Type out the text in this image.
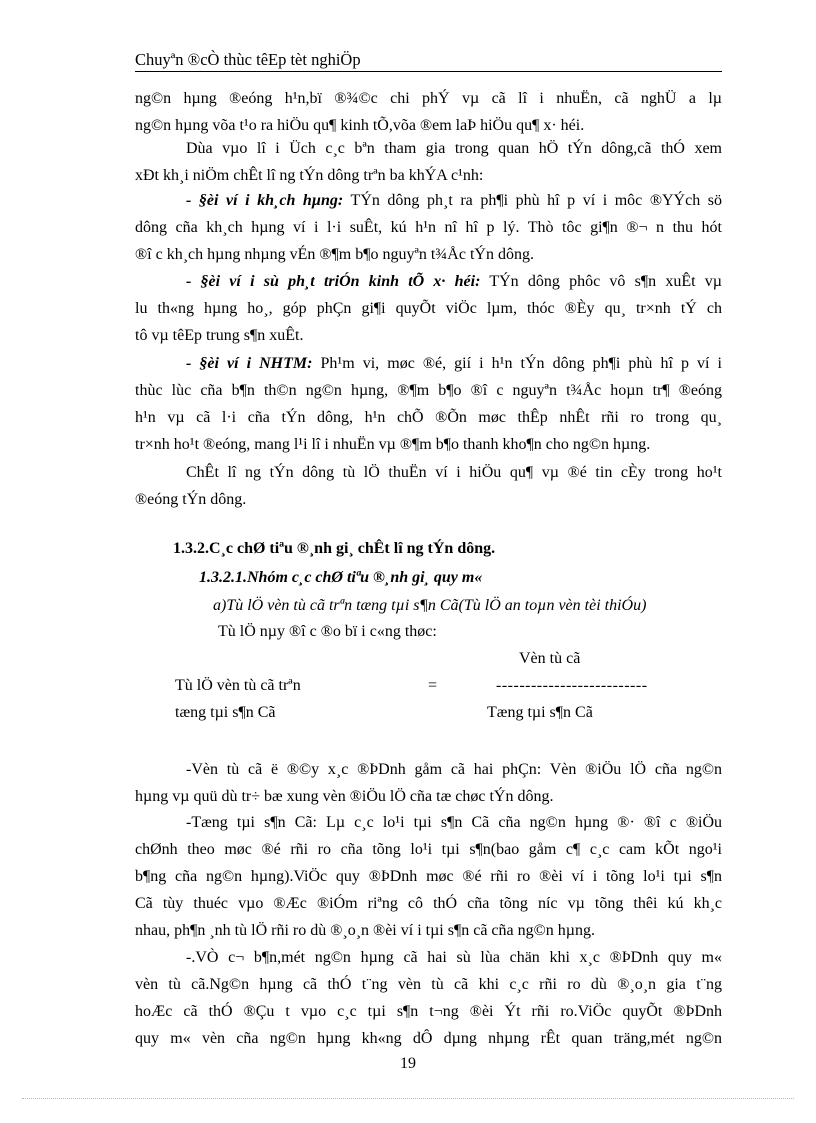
Chuyªn ®cÒ thùc têEp tèt nghiÖp
ng©n hµng ®eóng h¹n,bï ®¾©c chi phÝ vµ cã lî i nhuËn, cã nghÜ a lµ
ng©n hµng võa t¹o ra hiÖu qu¶ kinh tÕ,võa ®em laÞ hiÖu qu¶ x· héi.
Dùa vµo lî i Üch c¸c bªn tham gia trong quan hÖ tÝn dông,cã thÓ xem
xÐt kh¸i niÖm chÊt lî ng tÝn dông trªn ba khÝA c¹nh:
- §èi ví i kh¸ch hµng: TÝn dông ph¸t ra ph¶i phù hî p ví i môc ®YÝch sö
dông cña kh¸ch hµng ví i l·i suÊt, kú h¹n nî hî p lý. Thò tôc gi¶n ®¬ n thu hót
®î c kh¸ch hµng nhµng vÉn ®¶m b¶o nguyªn t¾Åc tÝn dông.
- §èi ví i sù ph¸t triÓn kinh tÕ x· héi: TÝn dông phôc vô s¶n xuÊt vµ
lu th«ng hµng ho¸, góp phÇn gi¶i quyÕt viÖc lµm, thóc ®Èy qu¸ tr×nh tÝ ch
tô vµ têEp trung s¶n xuÊt.
- §èi ví i NHTM: Ph¹m vi, møc ®é, gií i h¹n tÝn dông ph¶i phù hî p ví i
thùc lùc cña b¶n th©n ng©n hµng, ®¶m b¶o ®î c nguyªn t¾Åc hoµn tr¶ ®eóng
h¹n vµ cã l·i cña tÝn dông, h¹n chÕ ®Õn møc thÊp nhÊt rñi ro trong qu¸
tr×nh ho¹t ®eóng, mang l¹i lî i nhuËn vµ ®¶m b¶o thanh kho¶n cho ng©n hµng.
ChÊt lî ng tÝn dông tù lÖ thuËn ví i hiÖu qu¶ vµ ®é tin cÈy trong ho¹t
®eóng tÝn dông.
1.3.2.C¸c chØ tiªu ®¸nh gi¸ chÊt lî ng tÝn dông.
1.3.2.1.Nhóm c¸c chØ tiªu ®¸nh gi¸ quy m«
a)Tù lÖ vèn tù cã trªn tæng tµi s¶n Cã(Tù lÖ an toµn vèn tèi thiÓu)
Tù lÖ nµy ®î c ®o bï i c«ng thøc:
Vèn tù cã
Tù lÖ vèn tù cã trªn	=	--------------------------
tæng tµi s¶n Cã	Tæng tµi s¶n Cã
-Vèn tù cã ë ®©y x¸c ®ÞDnh gåm cã hai phÇn: Vèn ®iÖu lÖ cña ng©n
hµng vµ quü dù tr÷ bæ xung vèn ®iÖu lÖ cña tæ chøc tÝn dông.
-Tæng tµi s¶n Cã: Lµ c¸c lo¹i tµi s¶n Cã cña ng©n hµng ®· ®î c ®iÖu
chØnh theo møc ®é rñi ro cña tõng lo¹i tµi s¶n(bao gåm c¶ c¸c cam kÕt ngo¹i
b¶ng cña ng©n hµng).ViÖc quy ®ÞDnh møc ®é rñi ro ®èi ví i tõng lo¹i tµi s¶n
Cã tùy thuéc vµo ®Æc ®iÓm riªng cô thÓ cña tõng níc vµ tõng thêi kú kh¸c
nhau, ph¶n ¸nh tù lÖ rñi ro dù ®¸o¸n ®èi ví i tµi s¶n cã cña ng©n hµng.
-.VÒ c¬ b¶n,mét ng©n hµng cã hai sù lùa chän khi x¸c ®ÞDnh quy m«
vèn tù cã.Ng©n hµng cã thÓ t¨ng vèn tù cã khi c¸c rñi ro dù ®¸o¸n gia t¨ng
hoÆc cã thÓ ®Çu t vµo c¸c tµi s¶n t¬ng ®èi Ýt rñi ro.ViÖc quyÕt ®ÞDnh
quy m« vèn cña ng©n hµng kh«ng dÔ dµng nhµng rÊt quan träng,mét ng©n
19
